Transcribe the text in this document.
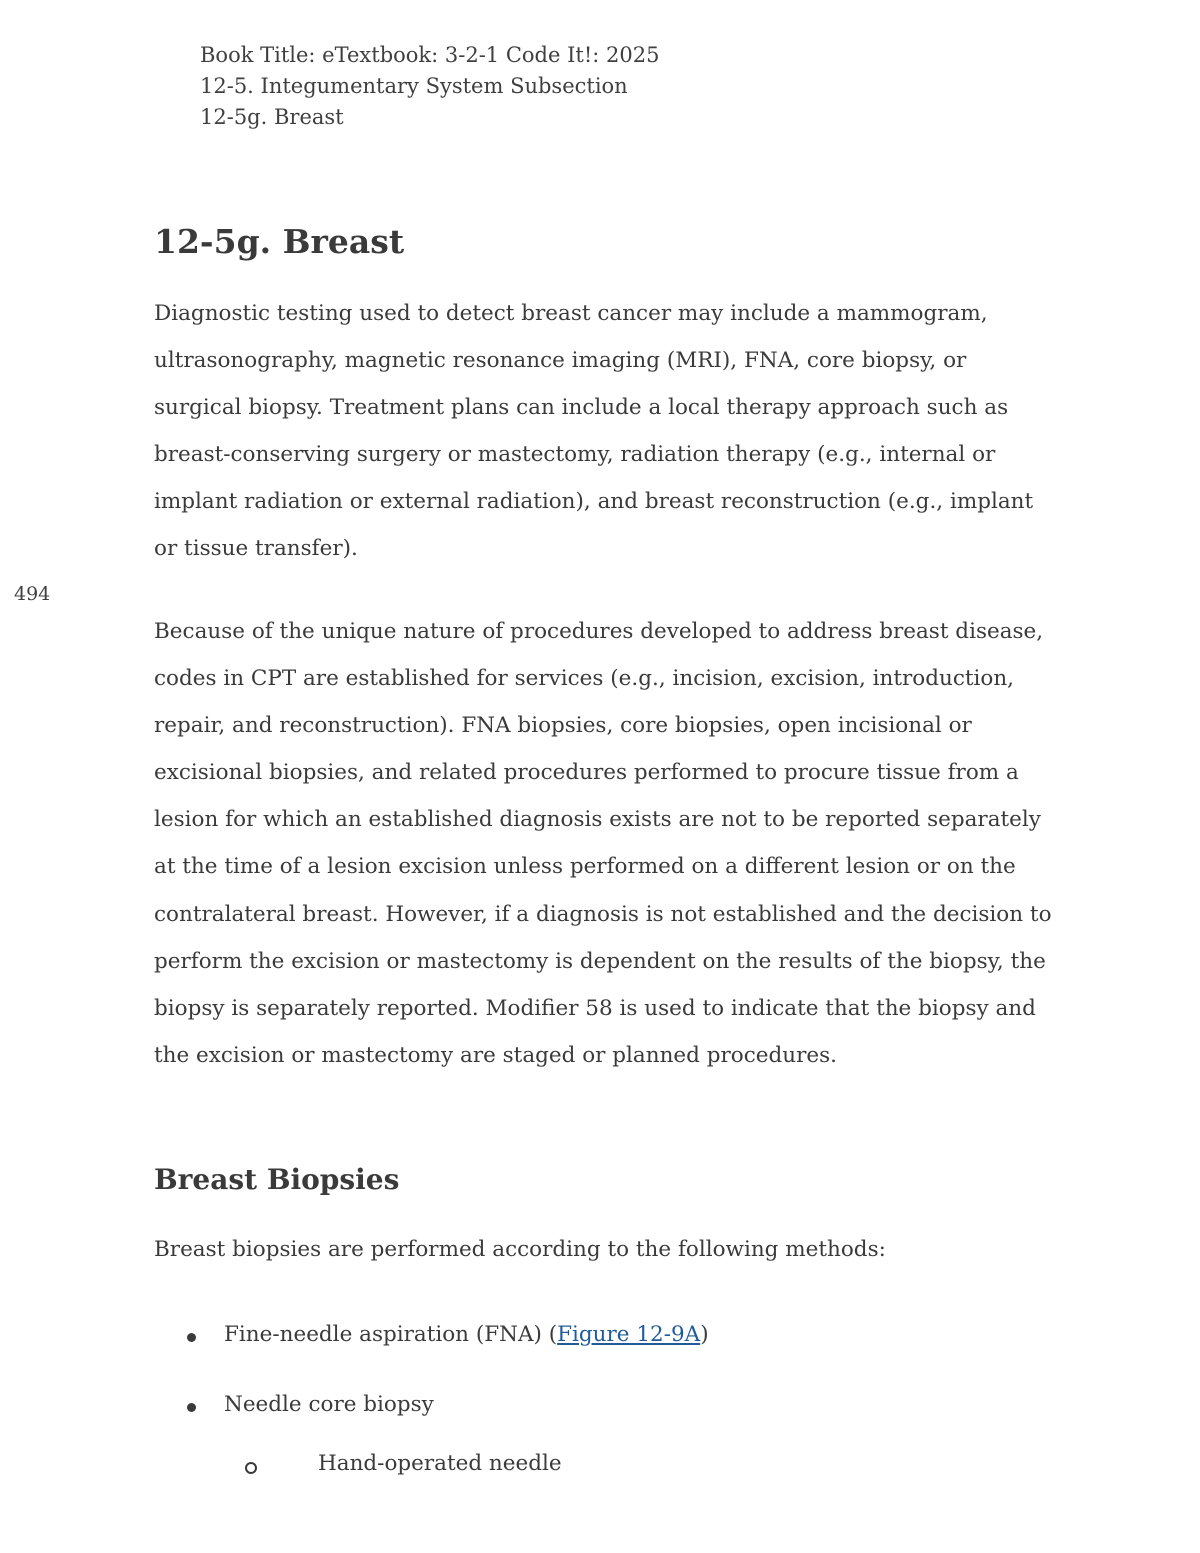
Book Title: eTextbook: 3-2-1 Code It!: 2025
12-5. Integumentary System Subsection
12-5g. Breast
494
12-5g. Breast

Diagnostic testing used to detect breast cancer may include a mammogram, ultrasonography, magnetic resonance imaging (MRI), FNA, core biopsy, or surgical biopsy. Treatment plans can include a local therapy approach such as breast-conserving surgery or mastectomy, radiation therapy (e.g., internal or implant radiation or external radiation), and breast reconstruction (e.g., implant or tissue transfer).

Because of the unique nature of procedures developed to address breast disease, codes in CPT are established for services (e.g., incision, excision, introduction, repair, and reconstruction). FNA biopsies, core biopsies, open incisional or excisional biopsies, and related procedures performed to procure tissue from a lesion for which an established diagnosis exists are not to be reported separately at the time of a lesion excision unless performed on a different lesion or on the contralateral breast. However, if a diagnosis is not established and the decision to perform the excision or mastectomy is dependent on the results of the biopsy, the biopsy is separately reported. Modifier 58 is used to indicate that the biopsy and the excision or mastectomy are staged or planned procedures.

Breast Biopsies

Breast biopsies are performed according to the following methods:

Fine-needle aspiration (FNA) (Figure 12-9A)
Needle core biopsy
Hand-operated needle
